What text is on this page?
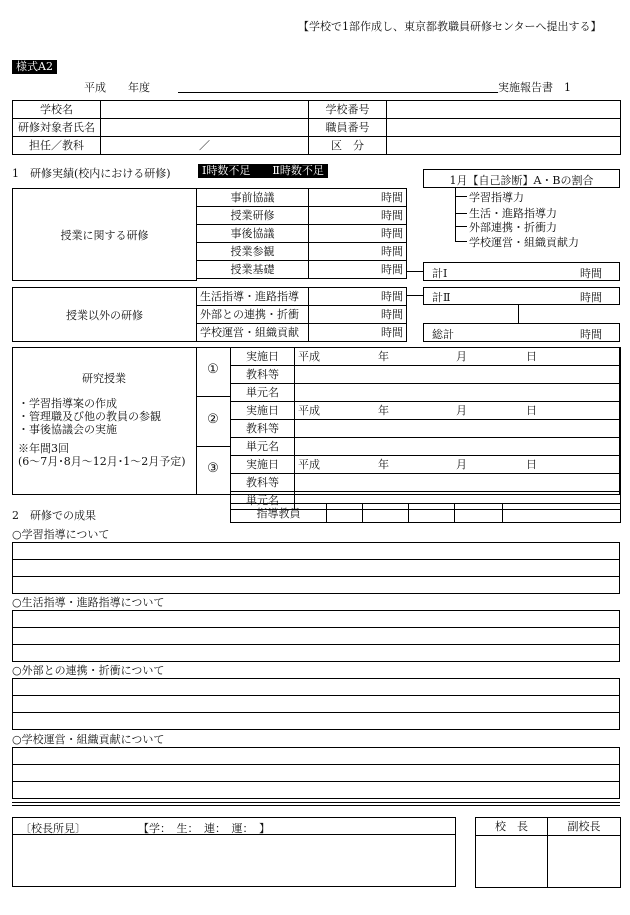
【学校で1部作成し、東京都教職員研修センターへ提出する】
様式A2
平成　　年度	実施報告書　1
学校名		学校番号	
研修対象者氏名		職員番号	
担任／教科	／	区　分	
1　研修実績(校内における研修)	Ⅰ時数不足　　Ⅱ時数不足
授業に関する研修
事前協議	時間
授業研修	時間
事後協議	時間
授業参観	時間
授業基礎	時間
授業以外の研修
生活指導・進路指導	時間
外部との連携・折衝	時間
学校運営・組織貢献	時間
1月【自己診断】A・Bの割合
学習指導力
生活・進路指導力
外部連携・折衝力
学校運営・組織貢献力
計Ⅰ	時間
計Ⅱ	時間
総計	時間
研究授業
・学習指導案の作成
・管理職及び他の教員の参観
・事後協議会の実施
※年間3回
(6〜7月･8月〜12月･1〜2月予定)
①
②
③
実施日	平成 年 月 日
教科等	
単元名	
実施日	平成 年 月 日
教科等	
単元名	
実施日	平成 年 月 日
教科等	
単元名	
2　研修での成果	指導教員					
○学習指導について
○生活指導・進路指導について
○外部との連携・折衝について
○学校運営・組織貢献について
〔校長所見〕	【学：　生：　連：　運：　】	校　長	副校長
